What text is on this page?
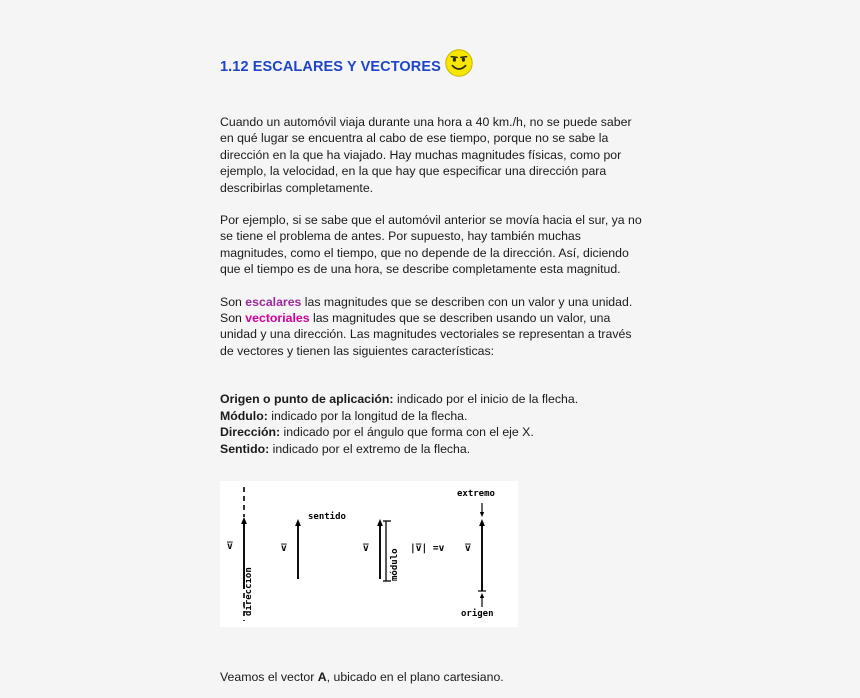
1.12 ESCALARES Y VECTORES

Cuando un automóvil viaja durante una hora a 40 km./h, no se puede saber en qué lugar se encuentra al cabo de ese tiempo, porque no se sabe la dirección en la que ha viajado. Hay muchas magnitudes físicas, como por ejemplo, la velocidad, en la que hay que especificar una dirección para describirlas completamente.

Por ejemplo, si se sabe que el automóvil anterior se movía hacia el sur, ya no se tiene el problema de antes. Por supuesto, hay también muchas magnitudes, como el tiempo, que no depende de la dirección. Así, diciendo que el tiempo es de una hora, se describe completamente esta magnitud.

Son escalares las magnitudes que se describen con un valor y una unidad. Son vectoriales las magnitudes que se describen usando un valor, una unidad y una dirección. Las magnitudes vectoriales se representan a través de vectores y tienen las siguientes características:

Origen o punto de aplicación: indicado por el inicio de la flecha.
Módulo: indicado por la longitud de la flecha.
Dirección: indicado por el ángulo que forma con el eje X.
Sentido: indicado por el extremo de la flecha.
v̅
dirección
v̅
sentido
v̅ módulo |v̅| =v v̅
extremo
origen

Veamos el vector A, ubicado en el plano cartesiano.
